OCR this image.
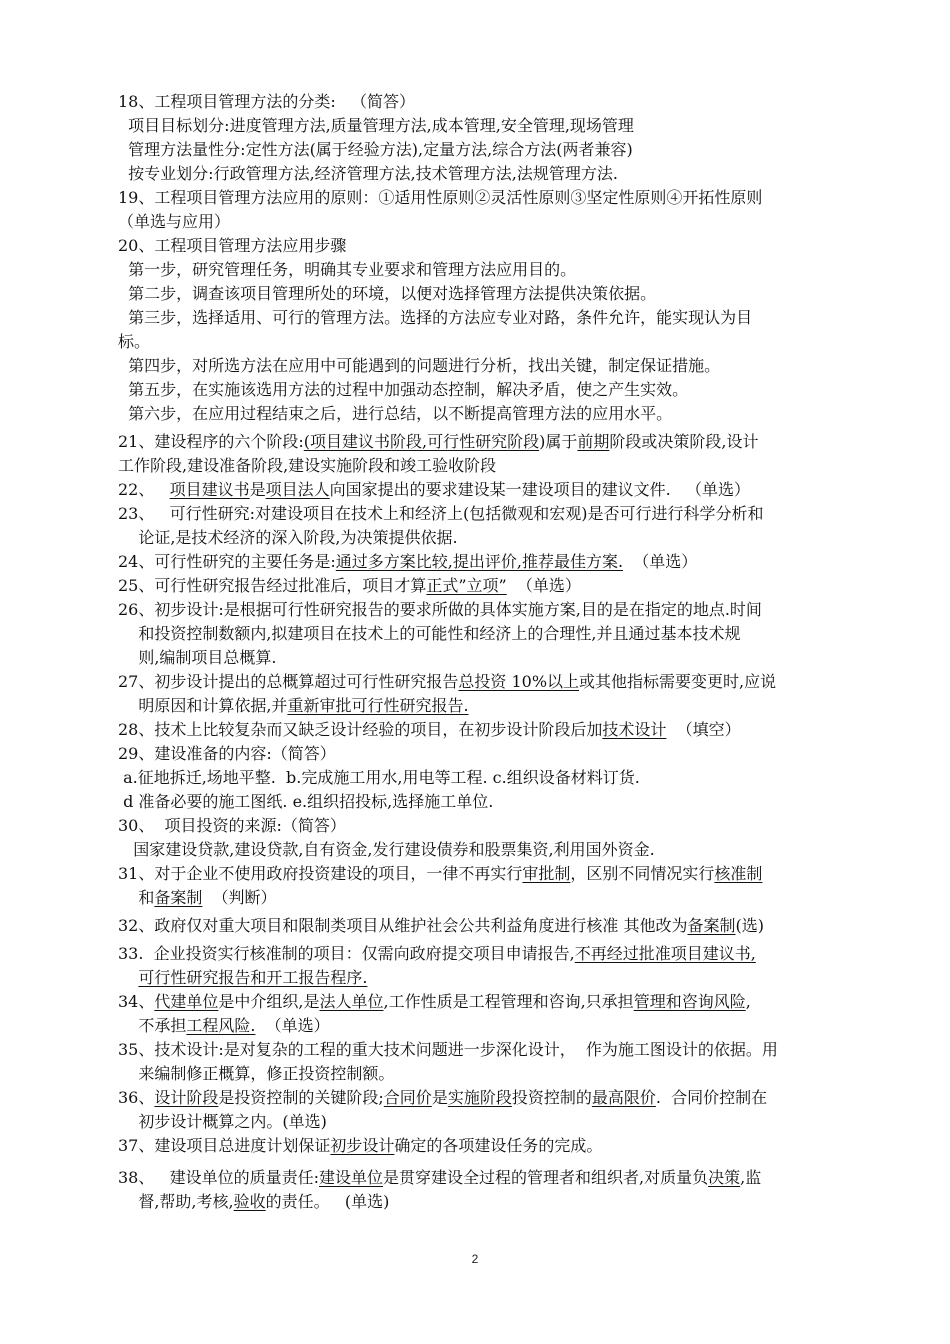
18、工程项目管理方法的分类:   （简答）
项目目标划分:进度管理方法,质量管理方法,成本管理,安全管理,现场管理
管理方法量性分:定性方法(属于经验方法),定量方法,综合方法(两者兼容)
按专业划分:行政管理方法,经济管理方法,技术管理方法,法规管理方法.
19、工程项目管理方法应用的原则：①适用性原则②灵活性原则③坚定性原则④开拓性原则
（单选与应用）
20、工程项目管理方法应用步骤
第一步，研究管理任务，明确其专业要求和管理方法应用目的。
第二步，调查该项目管理所处的环境，以便对选择管理方法提供决策依据。
第三步，选择适用、可行的管理方法。选择的方法应专业对路，条件允许，能实现认为目
标。
第四步，对所选方法在应用中可能遇到的问题进行分析，找出关键，制定保证措施。
第五步，在实施该选用方法的过程中加强动态控制，解决矛盾，使之产生实效。
第六步，在应用过程结束之后，进行总结，以不断提高管理方法的应用水平。
21、建设程序的六个阶段:(项目建议书阶段,可行性研究阶段)属于前期阶段或决策阶段,设计
工作阶段,建设准备阶段,建设实施阶段和竣工验收阶段
22、   项目建议书是项目法人向国家提出的要求建设某一建设项目的建议文件.   （单选）
23、   可行性研究:对建设项目在技术上和经济上(包括微观和宏观)是否可行进行科学分析和
论证,是技术经济的深入阶段,为决策提供依据.
24、可行性研究的主要任务是:通过多方案比较,提出评价,推荐最佳方案.  （单选）
25、可行性研究报告经过批准后，项目才算正式”立项”  （单选）
26、初步设计:是根据可行性研究报告的要求所做的具体实施方案,目的是在指定的地点.时间
和投资控制数额内,拟建项目在技术上的可能性和经济上的合理性,并且通过基本技术规
则,编制项目总概算.
27、初步设计提出的总概算超过可行性研究报告总投资 10%以上或其他指标需要变更时,应说
明原因和计算依据,并重新审批可行性研究报告.
28、技术上比较复杂而又缺乏设计经验的项目，在初步设计阶段后加技术设计  （填空）
29、建设准备的内容:（简答）
a.征地拆迁,场地平整.  b.完成施工用水,用电等工程. c.组织设备材料订货.
d 准备必要的施工图纸. e.组织招投标,选择施工单位.
30、  项目投资的来源:（简答）
国家建设贷款,建设贷款,自有资金,发行建设债券和股票集资,利用国外资金.
31、对于企业不使用政府投资建设的项目，一律不再实行审批制，区别不同情况实行核准制
和备案制  （判断）
32、政府仅对重大项目和限制类项目从维护社会公共利益角度进行核准 其他改为备案制(选)
33.  企业投资实行核准制的项目：仅需向政府提交项目申请报告,不再经过批准项目建议书,
可行性研究报告和开工报告程序.
34、代建单位是中介组织,是法人单位,工作性质是工程管理和咨询,只承担管理和咨询风险,
不承担工程风险.  （单选）
35、技术设计:是对复杂的工程的重大技术问题进一步深化设计，  作为施工图设计的依据。用
来编制修正概算，修正投资控制额。
36、设计阶段是投资控制的关键阶段;合同价是实施阶段投资控制的最高限价.  合同价控制在
初步设计概算之内。(单选)
37、建设项目总进度计划保证初步设计确定的各项建设任务的完成。
38、   建设单位的质量责任:建设单位是贯穿建设全过程的管理者和组织者,对质量负决策,监
督,帮助,考核,验收的责任。   (单选)
2
